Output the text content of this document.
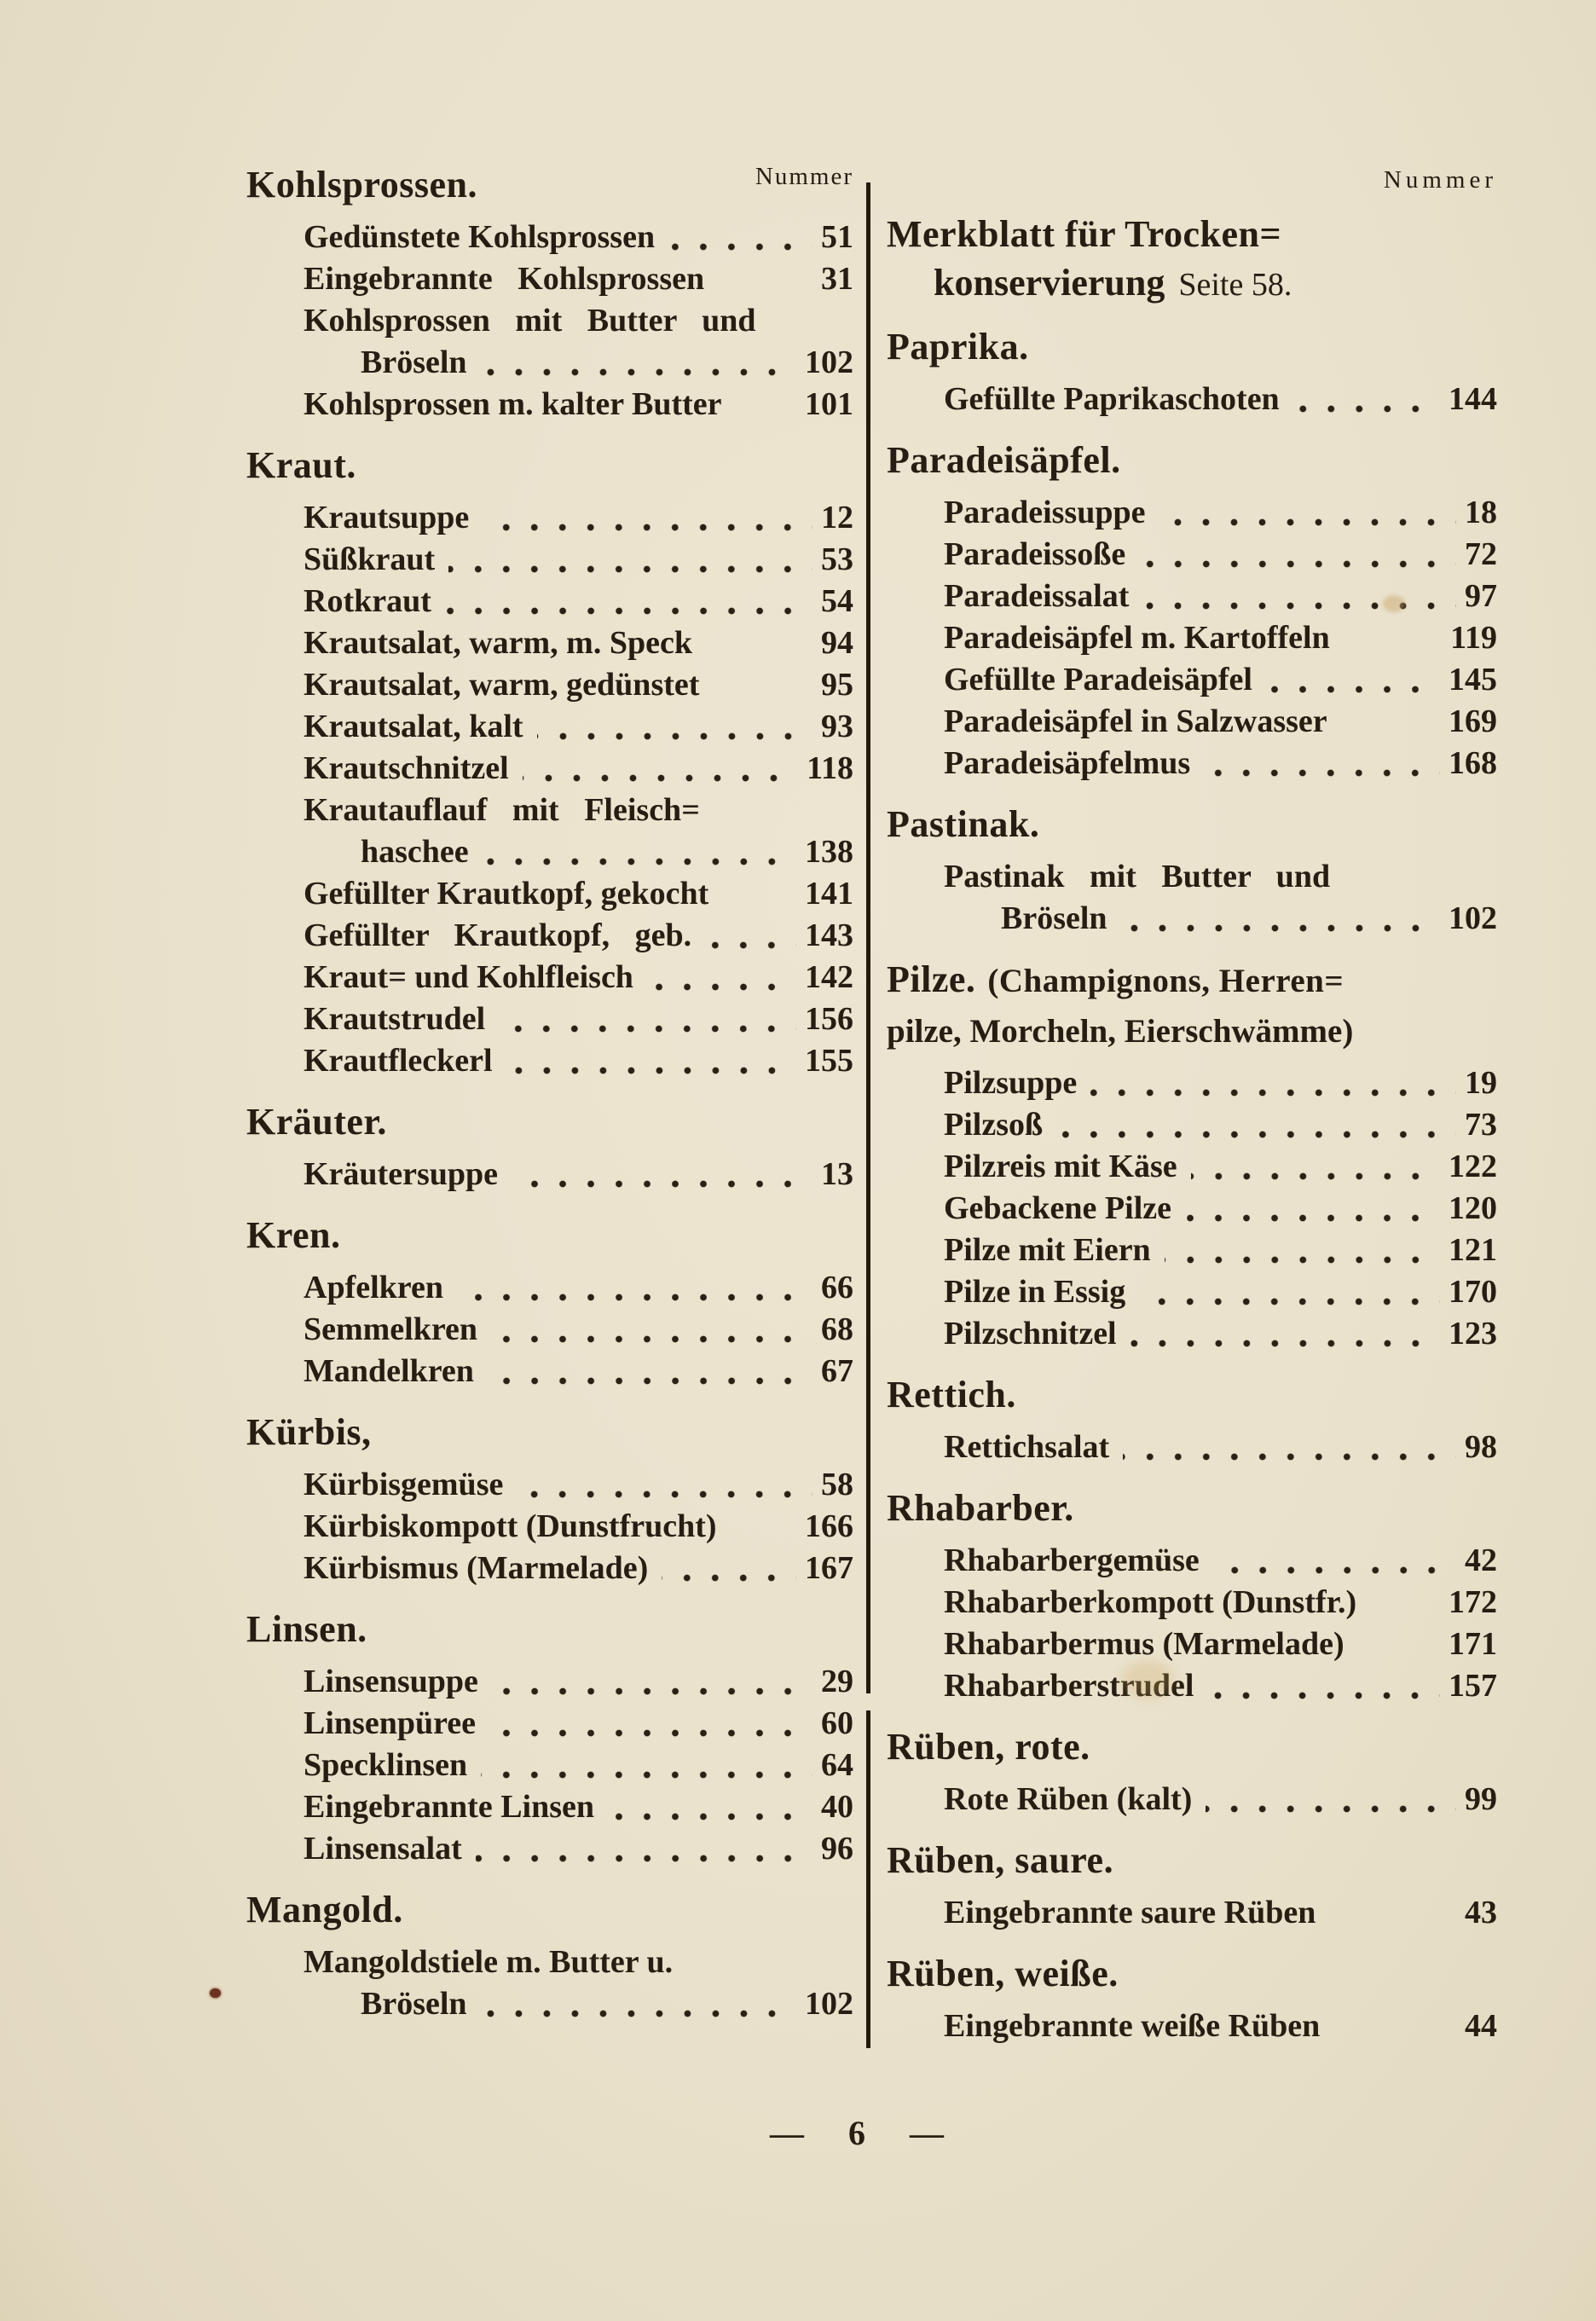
Kohlsprossen.	Nummer
Gedünstete Kohlsprossen	51
Eingebrannte Kohlsprossen	31
Kohlsprossen mit Butter und
Bröseln	102
Kohlsprossen m. kalter Butter	101
Kraut.
Krautsuppe	12
Süßkraut	53
Rotkraut	54
Krautsalat, warm, m. Speck	94
Krautsalat, warm, gedünstet	95
Krautsalat, kalt	93
Krautschnitzel	118
Krautauflauf mit Fleisch=
haschee	138
Gefüllter Krautkopf, gekocht	141
Gefüllter Krautkopf, geb.	143
Kraut= und Kohlfleisch	142
Krautstrudel	156
Krautfleckerl	155
Kräuter.
Kräutersuppe	13
Kren.
Apfelkren	66
Semmelkren	68
Mandelkren	67
Kürbis,
Kürbisgemüse	58
Kürbiskompott (Dunstfrucht)	166
Kürbismus (Marmelade)	167
Linsen.
Linsensuppe	29
Linsenpüree	60
Specklinsen	64
Eingebrannte Linsen	40
Linsensalat	96
Mangold.
Mangoldstiele m. Butter u.
Bröseln	102
Nummer
Merkblatt für Trocken=
konservierung Seite 58.
Paprika.
Gefüllte Paprikaschoten	144
Paradeisäpfel.
Paradeissuppe	18
Paradeissoße	72
Paradeissalat	97
Paradeisäpfel m. Kartoffeln	119
Gefüllte Paradeisäpfel	145
Paradeisäpfel in Salzwasser	169
Paradeisäpfelmus	168
Pastinak.
Pastinak mit Butter und
Bröseln	102
Pilze. (Champignons, Herren=
pilze, Morcheln, Eierschwämme)
Pilzsuppe	19
Pilzsoß	73
Pilzreis mit Käse	122
Gebackene Pilze	120
Pilze mit Eiern	121
Pilze in Essig	170
Pilzschnitzel	123
Rettich.
Rettichsalat	98
Rhabarber.
Rhabarbergemüse	42
Rhabarberkompott (Dunstfr.)	172
Rhabarbermus (Marmelade)	171
Rhabarberstrudel	157
Rüben, rote.
Rote Rüben (kalt)	99
Rüben, saure.
Eingebrannte saure Rüben	43
Rüben, weiße.
Eingebrannte weiße Rüben	44
— 6 —
